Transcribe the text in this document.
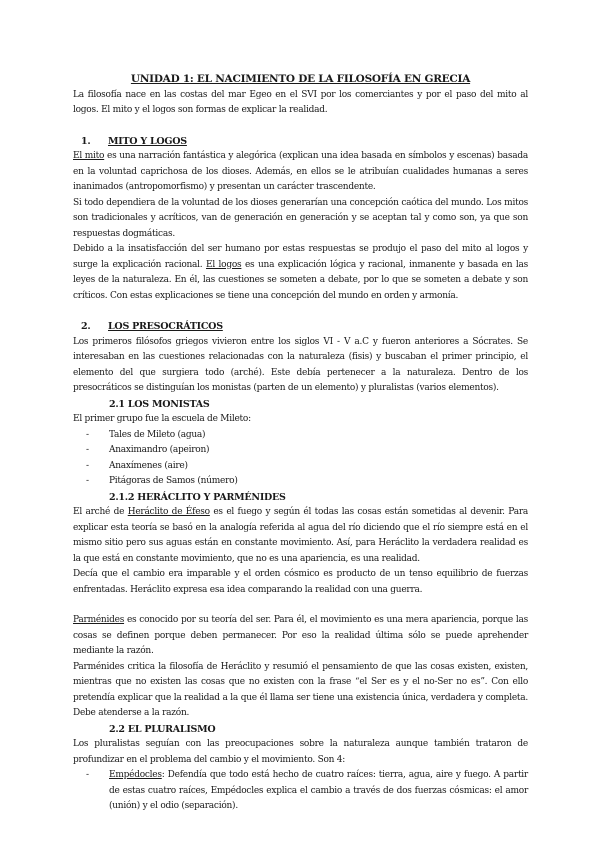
UNIDAD 1: EL NACIMIENTO DE LA FILOSOFÍA EN GRECIA

La filosofía nace en las costas del mar Egeo en el SVI por los comerciantes y por el paso del mito al logos. El mito y el logos son formas de explicar la realidad.

1. MITO Y LOGOS

El mito es una narración fantástica y alegórica (explican una idea basada en símbolos y escenas) basada en la voluntad caprichosa de los dioses. Además, en ellos se le atribuían cualidades humanas a seres inanimados (antropomorfismo) y presentan un carácter trascendente.

Si todo dependiera de la voluntad de los dioses generarían una concepción caótica del mundo. Los mitos son tradicionales y acríticos, van de generación en generación y se aceptan tal y como son, ya que son respuestas dogmáticas.

Debido a la insatisfacción del ser humano por estas respuestas se produjo el paso del mito al logos y surge la explicación racional. El logos es una explicación lógica y racional, inmanente y basada en las leyes de la naturaleza. En él, las cuestiones se someten a debate, por lo que se someten a debate y son críticos. Con estas explicaciones se tiene una concepción del mundo en orden y armonía.

2. LOS PRESOCRÁTICOS

Los primeros filósofos griegos vivieron entre los siglos VI - V a.C y fueron anteriores a Sócrates. Se interesaban en las cuestiones relacionadas con la naturaleza (fisis) y buscaban el primer principio, el elemento del que surgiera todo (arché). Este debía pertenecer a la naturaleza. Dentro de los presocráticos se distinguían los monistas (parten de un elemento) y pluralistas (varios elementos).

2.1 LOS MONISTAS

El primer grupo fue la escuela de Mileto:

- Tales de Mileto (agua)
- Anaximandro (apeiron)
- Anaxímenes (aire)
- Pitágoras de Samos (número)
2.1.2 HERÁCLITO Y PARMÉNIDES

El arché de Heráclito de Éfeso es el fuego y según él todas las cosas están sometidas al devenir. Para explicar esta teoría se basó en la analogía referida al agua del río diciendo que el río siempre está en el mismo sitio pero sus aguas están en constante movimiento. Así, para Heráclito la verdadera realidad es la que está en constante movimiento, que no es una apariencia, es una realidad.

Decía que el cambio era imparable y el orden cósmico es producto de un tenso equilibrio de fuerzas enfrentadas. Heráclito expresa esa idea comparando la realidad con una guerra.

Parménides es conocido por su teoría del ser. Para él, el movimiento es una mera apariencia, porque las cosas se definen porque deben permanecer. Por eso la realidad última sólo se puede aprehender mediante la razón.

Parménides critica la filosofía de Heráclito y resumió el pensamiento de que las cosas existen, existen, mientras que no existen las cosas que no existen con la frase “el Ser es y el no-Ser no es”. Con ello pretendía explicar que la realidad a la que él llama ser tiene una existencia única, verdadera y completa. Debe atenderse a la razón.

2.2 EL PLURALISMO

Los pluralistas seguían con las preocupaciones sobre la naturaleza aunque también trataron de profundizar en el problema del cambio y el movimiento. Son 4:

- Empédocles: Defendía que todo está hecho de cuatro raíces: tierra, agua, aire y fuego. A partir de estas cuatro raíces, Empédocles explica el cambio a través de dos fuerzas cósmicas: el amor (unión) y el odio (separación).
